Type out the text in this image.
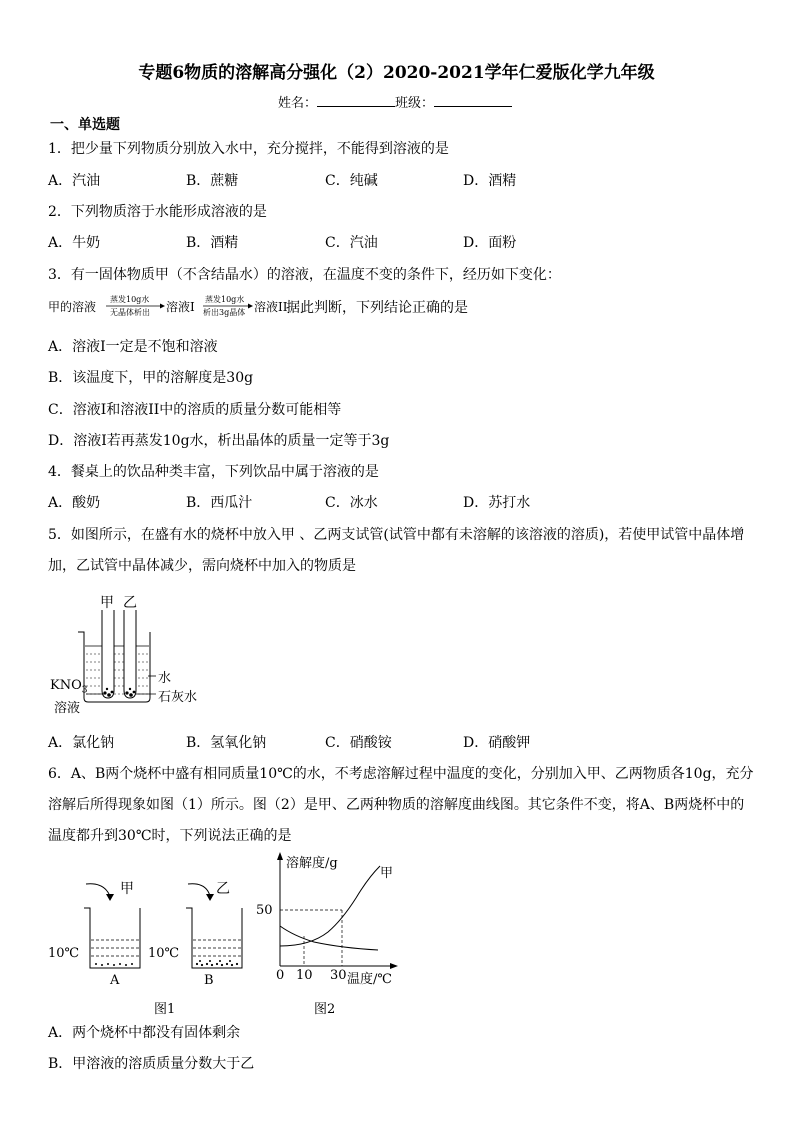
专题6物质的溶解高分强化（2）2020-2021学年仁爱版化学九年级
姓名：	班级：
一、单选题
1．把少量下列物质分别放入水中，充分搅拌，不能得到溶液的是
A．汽油	B．蔗糖	C．纯碱	D．酒精
2．下列物质溶于水能形成溶液的是
A．牛奶	B．酒精	C．汽油	D．面粉
3．有一固体物质甲（不含结晶水）的溶液，在温度不变的条件下，经历如下变化：
甲的溶液
蒸发10g水
无晶体析出 溶液I
蒸发10g水
析出3g晶体 溶液II
据此判断，下列结论正确的是
A．溶液I一定是不饱和溶液
B．该温度下，甲的溶解度是30g
C．溶液I和溶液II中的溶质的质量分数可能相等
D．溶液I若再蒸发10g水，析出晶体的质量一定等于3g
4．餐桌上的饮品种类丰富，下列饮品中属于溶液的是
A．酸奶	B．西瓜汁	C．冰水	D．苏打水
5．如图所示，在盛有水的烧杯中放入甲 、乙两支试管(试管中都有未溶解的该溶液的溶质)，若使甲试管中晶体增
加，乙试管中晶体减少，需向烧杯中加入的物质是
甲 乙
水
$KNO_3$	石灰水
溶液
A．氯化钠	B．氢氧化钠	C．硝酸铵	D．硝酸钾
6．A、B两个烧杯中盛有相同质量10℃的水，不考虑溶解过程中温度的变化，分别加入甲、乙两物质各10g，充分
溶解后所得现象如图（1）所示。图（2）是甲、乙两种物质的溶解度曲线图。其它条件不变，将A、B两烧杯中的
温度都升到30℃时，下列说法正确的是
甲	乙
10℃	10℃
A	B
图1
溶解度/g
甲
50
0 10 30 温度/℃
图2
A．两个烧杯中都没有固体剩余
B．甲溶液的溶质质量分数大于乙
